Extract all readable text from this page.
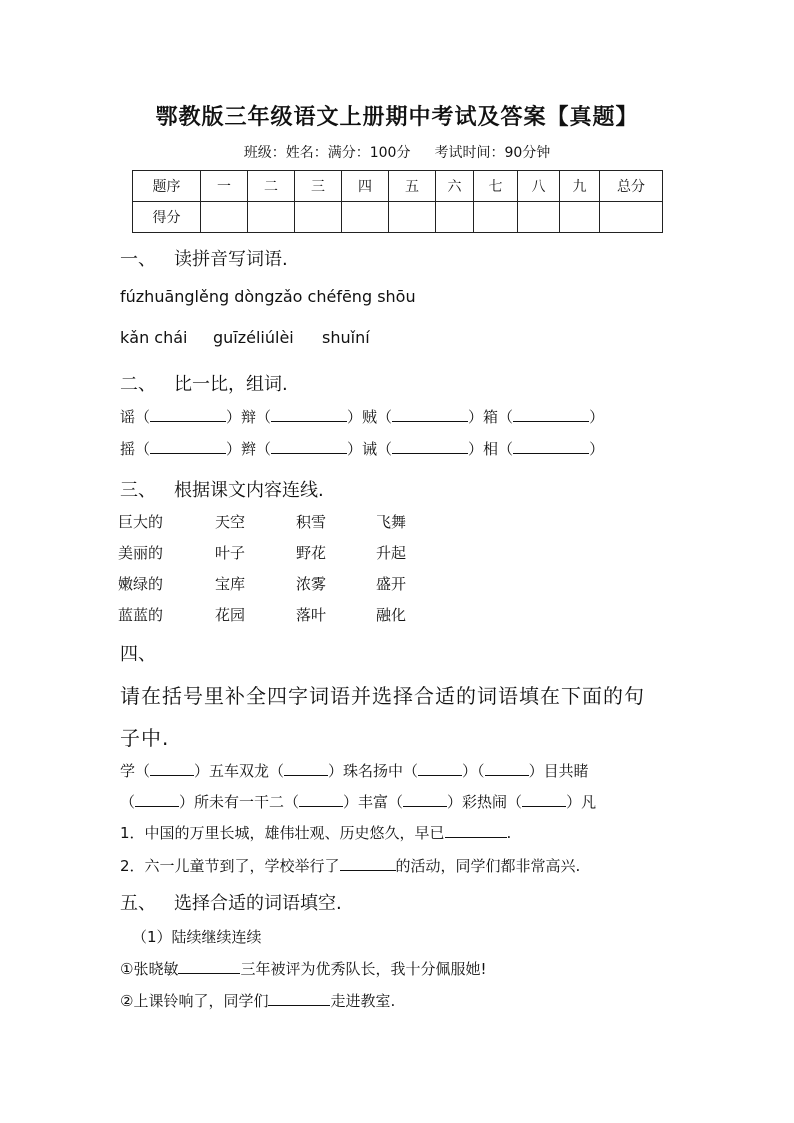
鄂教版三年级语文上册期中考试及答案【真题】
班级：姓名：满分：100分 考试时间：90分钟
题序	一	二	三	四	五	六	七	八	九	总分
得分										
一、 读拼音写词语.
fúzhuānglěng dòngzǎo chéfēng shōu
kǎn chái guīzéliúlèi shuǐní
二、 比一比，组词.
谣（	）辩（	）贼（	）箱（	）
摇（	）辫（	）诫（	）相（	）
三、 根据课文内容连线.
巨大的	天空	积雪	飞舞
美丽的	叶子	野花	升起
嫩绿的	宝库	浓雾	盛开
蓝蓝的	花园	落叶	融化
四、
请在括号里补全四字词语并选择合适的词语填在下面的句
子中.
学（	）五车双龙（	）珠名扬中（	）（	）目共睹
（	）所未有一干二（	）丰富（	）彩热闹（	）凡
1．中国的万里长城，雄伟壮观、历史悠久，早已	.
2．六一儿童节到了，学校举行了	的活动，同学们都非常高兴.
五、 选择合适的词语填空.
（1）陆续继续连续
①张晓敏	三年被评为优秀队长，我十分佩服她!
②上课铃响了，同学们	走进教室.
